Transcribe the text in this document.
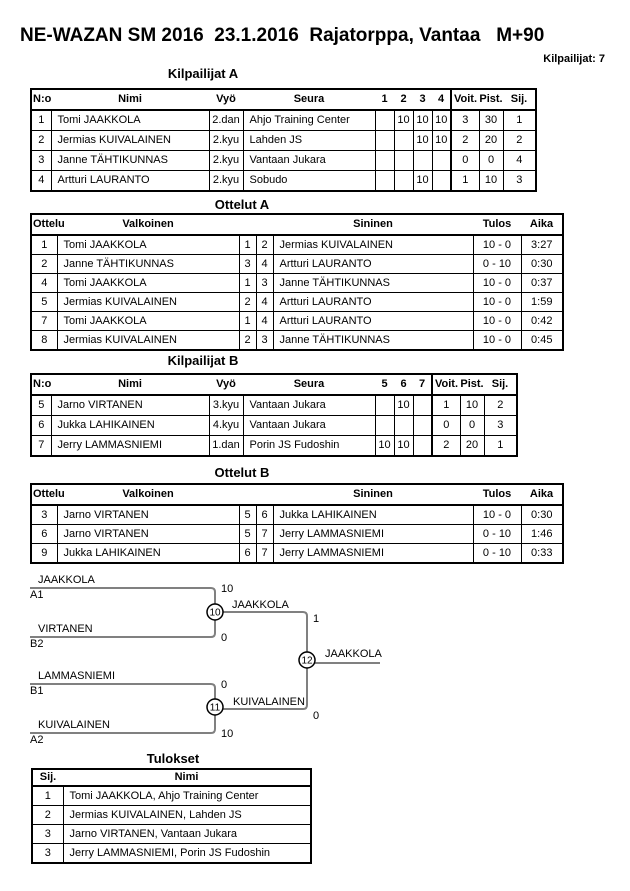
NE-WAZAN SM 2016  23.1.2016  Rajatorppa, Vantaa   M+90
Kilpailijat: 7
Kilpailijat A
N:o	Nimi	Vyö	Seura	1	2	3	4	Voit.	Pist.	Sij.
1	Tomi JAAKKOLA	2.dan	Ahjo Training Center		10	10	10	3	30	1
2	Jermias KUIVALAINEN	2.kyu	Lahden JS			10	10	2	20	2
3	Janne TÄHTIKUNNAS	2.kyu	Vantaan Jukara					0	0	4
4	Artturi LAURANTO	2.kyu	Sobudo			10		1	10	3
Ottelut A
Ottelu	Valkoinen			Sininen	Tulos	Aika
1	Tomi JAAKKOLA	1	2	Jermias KUIVALAINEN	10 - 0	3:27
2	Janne TÄHTIKUNNAS	3	4	Artturi LAURANTO	0 - 10	0:30
4	Tomi JAAKKOLA	1	3	Janne TÄHTIKUNNAS	10 - 0	0:37
5	Jermias KUIVALAINEN	2	4	Artturi LAURANTO	10 - 0	1:59
7	Tomi JAAKKOLA	1	4	Artturi LAURANTO	10 - 0	0:42
8	Jermias KUIVALAINEN	2	3	Janne TÄHTIKUNNAS	10 - 0	0:45
Kilpailijat B
N:o	Nimi	Vyö	Seura	5	6	7	Voit.	Pist.	Sij.
5	Jarno VIRTANEN	3.kyu	Vantaan Jukara		10		1	10	2
6	Jukka LAHIKAINEN	4.kyu	Vantaan Jukara				0	0	3
7	Jerry LAMMASNIEMI	1.dan	Porin JS Fudoshin	10	10		2	20	1
Ottelut B
Ottelu	Valkoinen			Sininen	Tulos	Aika
3	Jarno VIRTANEN	5	6	Jukka LAHIKAINEN	10 - 0	0:30
6	Jarno VIRTANEN	5	7	Jerry LAMMASNIEMI	0 - 10	1:46
9	Jukka LAHIKAINEN	6	7	Jerry LAMMASNIEMI	0 - 10	0:33
10
11
12
JAAKKOLA
A1	10
VIRTANEN
B2	0
JAAKKOLA
1
LAMMASNIEMI
B1	0
KUIVALAINEN
A2	10
KUIVALAINEN
0
JAAKKOLA
Tulokset
Sij.	Nimi
1	Tomi JAAKKOLA, Ahjo Training Center
2	Jermias KUIVALAINEN, Lahden JS
3	Jarno VIRTANEN, Vantaan Jukara
3	Jerry LAMMASNIEMI, Porin JS Fudoshin
